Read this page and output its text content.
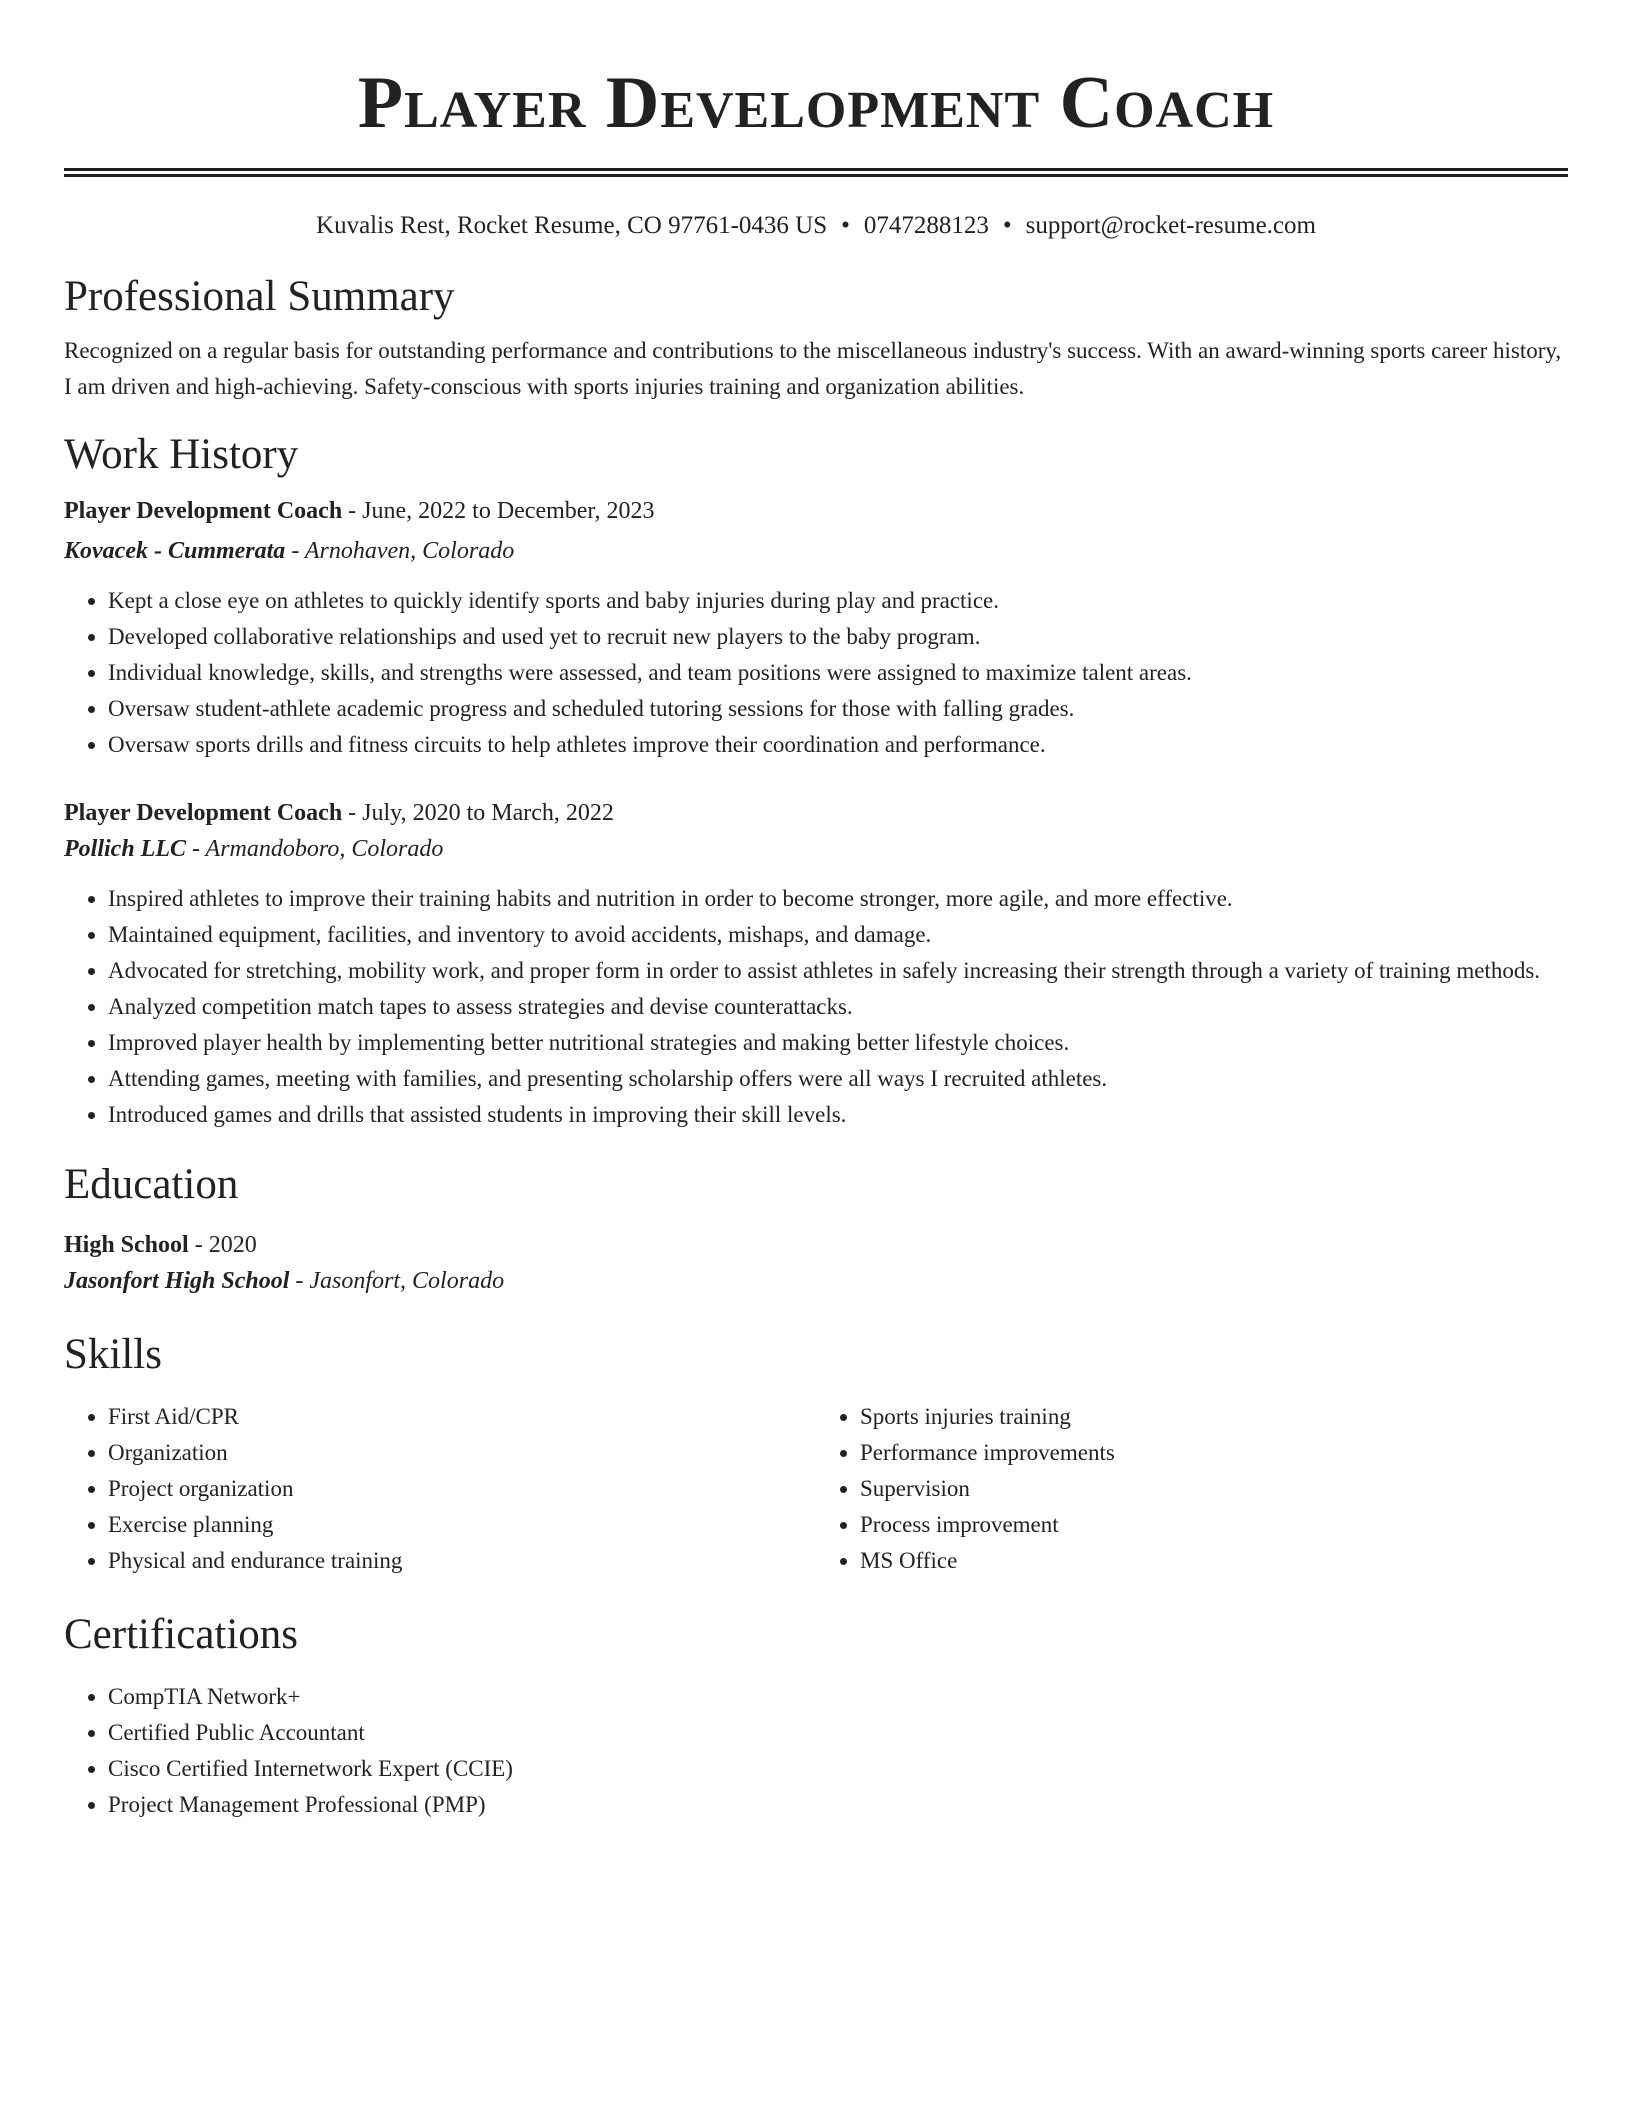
Player Development Coach
Kuvalis Rest, Rocket Resume, CO 97761-0436 US • 0747288123 • support@rocket-resume.com
Professional Summary

Recognized on a regular basis for outstanding performance and contributions to the miscellaneous industry's success. With an award-winning sports career history, I am driven and high-achieving. Safety-conscious with sports injuries training and organization abilities.

Work History
Player Development Coach - June, 2022 to December, 2023
Kovacek - Cummerata - Arnohaven, Colorado
• Kept a close eye on athletes to quickly identify sports and baby injuries during play and practice.
• Developed collaborative relationships and used yet to recruit new players to the baby program.
• Individual knowledge, skills, and strengths were assessed, and team positions were assigned to maximize talent areas.
• Oversaw student-athlete academic progress and scheduled tutoring sessions for those with falling grades.
• Oversaw sports drills and fitness circuits to help athletes improve their coordination and performance.
Player Development Coach - July, 2020 to March, 2022
Pollich LLC - Armandoboro, Colorado
• Inspired athletes to improve their training habits and nutrition in order to become stronger, more agile, and more effective.
• Maintained equipment, facilities, and inventory to avoid accidents, mishaps, and damage.
• Advocated for stretching, mobility work, and proper form in order to assist athletes in safely increasing their strength through a variety of training methods.
• Analyzed competition match tapes to assess strategies and devise counterattacks.
• Improved player health by implementing better nutritional strategies and making better lifestyle choices.
• Attending games, meeting with families, and presenting scholarship offers were all ways I recruited athletes.
• Introduced games and drills that assisted students in improving their skill levels.
Education
High School - 2020
Jasonfort High School - Jasonfort, Colorado
Skills
• First Aid/CPR
• Organization
• Project organization
• Exercise planning
• Physical and endurance training
• Sports injuries training
• Performance improvements
• Supervision
• Process improvement
• MS Office
Certifications
• CompTIA Network+
• Certified Public Accountant
• Cisco Certified Internetwork Expert (CCIE)
• Project Management Professional (PMP)
